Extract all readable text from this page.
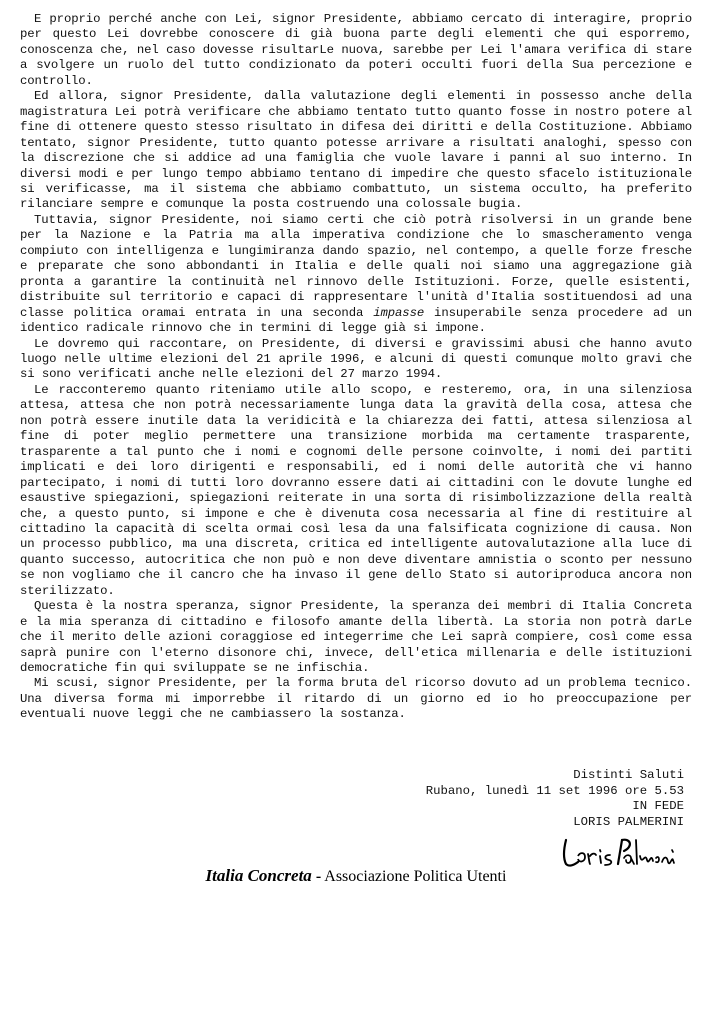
E proprio perché anche con Lei, signor Presidente, abbiamo cercato di interagire, proprio per questo Lei dovrebbe conoscere di già buona parte degli elementi che qui esporremo, conoscenza che, nel caso dovesse risultarLe nuova, sarebbe per Lei l'amara verifica di stare a svolgere un ruolo del tutto condizionato da poteri occulti fuori della Sua percezione e controllo.

Ed allora, signor Presidente, dalla valutazione degli elementi in possesso anche della magistratura Lei potrà verificare che abbiamo tentato tutto quanto fosse in nostro potere al fine di ottenere questo stesso risultato in difesa dei diritti e della Costituzione. Abbiamo tentato, signor Presidente, tutto quanto potesse arrivare a risultati analoghi, spesso con la discrezione che si addice ad una famiglia che vuole lavare i panni al suo interno. In diversi modi e per lungo tempo abbiamo tentano di impedire che questo sfacelo istituzionale si verificasse, ma il sistema che abbiamo combattuto, un sistema occulto, ha preferito rilanciare sempre e comunque la posta costruendo una colossale bugia.

Tuttavia, signor Presidente, noi siamo certi che ciò potrà risolversi in un grande bene per la Nazione e la Patria ma alla imperativa condizione che lo smascheramento venga compiuto con intelligenza e lungimiranza dando spazio, nel contempo, a quelle forze fresche e preparate che sono abbondanti in Italia e delle quali noi siamo una aggregazione già pronta a garantire la continuità nel rinnovo delle Istituzioni. Forze, quelle esistenti, distribuite sul territorio e capaci di rappresentare l'unità d'Italia sostituendosi ad una classe politica oramai entrata in una seconda impasse insuperabile senza procedere ad un identico radicale rinnovo che in termini di legge già si impone.

Le dovremo qui raccontare, on Presidente, di diversi e gravissimi abusi che hanno avuto luogo nelle ultime elezioni del 21 aprile 1996, e alcuni di questi comunque molto gravi che si sono verificati anche nelle elezioni del 27 marzo 1994.

Le racconteremo quanto riteniamo utile allo scopo, e resteremo, ora, in una silenziosa attesa, attesa che non potrà necessariamente lunga data la gravità della cosa, attesa che non potrà essere inutile data la veridicità e la chiarezza dei fatti, attesa silenziosa al fine di poter meglio permettere una transizione morbida ma certamente trasparente, trasparente a tal punto che i nomi e cognomi delle persone coinvolte, i nomi dei partiti implicati e dei loro dirigenti e responsabili, ed i nomi delle autorità che vi hanno partecipato, i nomi di tutti loro dovranno essere dati ai cittadini con le dovute lunghe ed esaustive spiegazioni, spiegazioni reiterate in una sorta di risimbolizzazione della realtà che, a questo punto, si impone e che è divenuta cosa necessaria al fine di restituire al cittadino la capacità di scelta ormai così lesa da una falsificata cognizione di causa. Non un processo pubblico, ma una discreta, critica ed intelligente autovalutazione alla luce di quanto successo, autocritica che non può e non deve diventare amnistia o sconto per nessuno se non vogliamo che il cancro che ha invaso il gene dello Stato si autoriproduca ancora non sterilizzato.

Questa è la nostra speranza, signor Presidente, la speranza dei membri di Italia Concreta e la mia speranza di cittadino e filosofo amante della libertà. La storia non potrà darLe che il merito delle azioni coraggiose ed integerrime che Lei saprà compiere, così come essa saprà punire con l'eterno disonore chi, invece, dell'etica millenaria e delle istituzioni democratiche fin qui sviluppate se ne infischia.

Mi scusi, signor Presidente, per la forma bruta del ricorso dovuto ad un problema tecnico. Una diversa forma mi imporrebbe il ritardo di un giorno ed io ho preoccupazione per eventuali nuove leggi che ne cambiassero la sostanza.

Distinti Saluti
Rubano, lunedì 11 set 1996 ore 5.53
IN FEDE
LORIS PALMERINI
Italia Concreta - Associazione Politica Utenti
